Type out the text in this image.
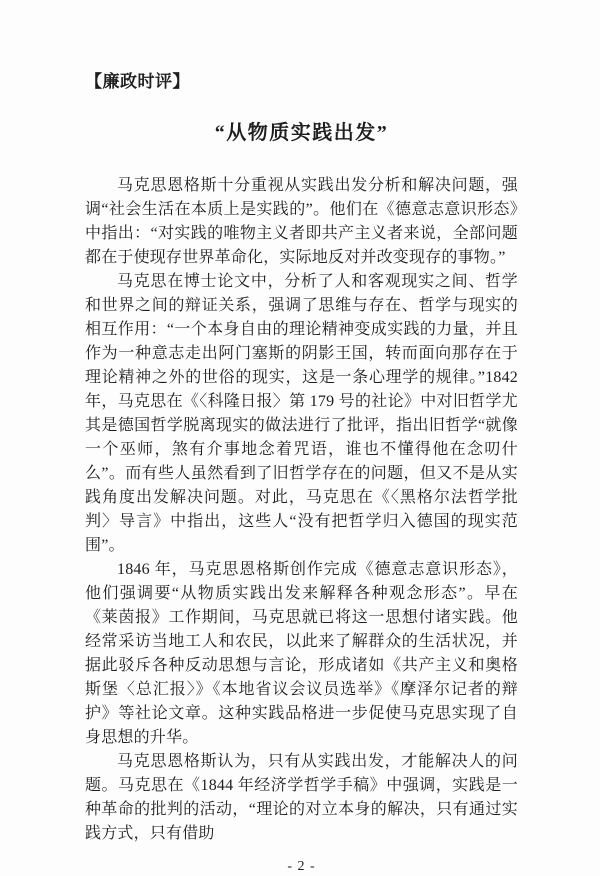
【廉政时评】
“从物质实践出发”

马克思恩格斯十分重视从实践出发分析和解决问题，强调“社会生活在本质上是实践的”。他们在《德意志意识形态》中指出：“对实践的唯物主义者即共产主义者来说，全部问题都在于使现存世界革命化，实际地反对并改变现存的事物。”

马克思在博士论文中，分析了人和客观现实之间、哲学和世界之间的辩证关系，强调了思维与存在、哲学与现实的相互作用：“一个本身自由的理论精神变成实践的力量，并且作为一种意志走出阿门塞斯的阴影王国，转而面向那存在于理论精神之外的世俗的现实，这是一条心理学的规律。”1842 年，马克思在《〈科隆日报〉第 179 号的社论》中对旧哲学尤其是德国哲学脱离现实的做法进行了批评，指出旧哲学“就像一个巫师，煞有介事地念着咒语，谁也不懂得他在念叨什么”。而有些人虽然看到了旧哲学存在的问题，但又不是从实践角度出发解决问题。对此，马克思在《〈黑格尔法哲学批判〉导言》中指出，这些人“没有把哲学归入德国的现实范围”。

1846 年，马克思恩格斯创作完成《德意志意识形态》，他们强调要“从物质实践出发来解释各种观念形态”。早在《莱茵报》工作期间，马克思就已将这一思想付诸实践。他经常采访当地工人和农民，以此来了解群众的生活状况，并据此驳斥各种反动思想与言论，形成诸如《共产主义和奥格斯堡〈总汇报〉》《本地省议会议员选举》《摩泽尔记者的辩护》等社论文章。这种实践品格进一步促使马克思实现了自身思想的升华。

马克思恩格斯认为，只有从实践出发，才能解决人的问题。马克思在《1844 年经济学哲学手稿》中强调，实践是一种革命的批判的活动，“理论的对立本身的解决，只有通过实践方式，只有借助

- 2 -
